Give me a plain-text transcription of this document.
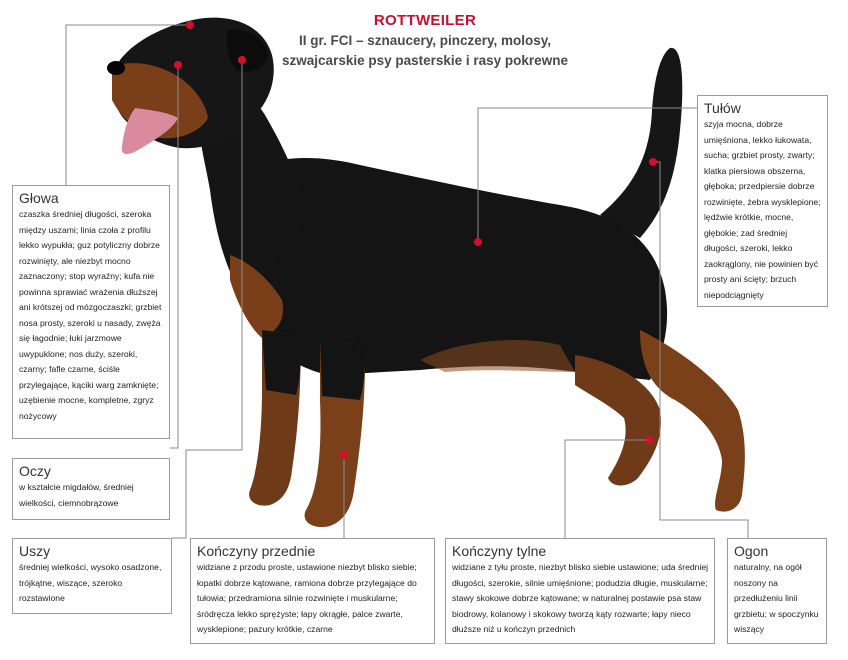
ROTTWEILER
II gr. FCI – sznaucery, pinczery, molosy,
szwajcarskie psy pasterskie i rasy pokrewne
Głowa
czaszka średniej długości, szeroka między uszami; linia czoła z profilu lekko wypukła; guz potyliczny dobrze rozwinięty, ale niezbyt mocno zaznaczony; stop wyraźny; kufa nie powinna sprawiać wrażenia dłuższej ani krótszej od mózgoczaszki; grzbiet nosa prosty, szeroki u nasady, zwęża się łagodnie; łuki jarzmowe uwypuklone; nos duży, szeroki, czarny; fafle czarne, ściśle przylegające, kąciki warg zamknięte; uzębienie mocne, kompletne, zgryz nożycowy
Oczy
w kształcie migdałów, średniej wielkości, ciemnobrązowe
Uszy
średniej wielkości, wysoko osadzone, trójkątne, wiszące, szeroko rozstawione
Kończyny przednie
widziane z przodu proste, ustawione niezbyt blisko siebie; łopatki dobrze kątowane, ramiona dobrze przylegające do tułowia; przedramiona silnie rozwinięte i muskularne; śródręcza lekko sprężyste; łapy okrągłe, palce zwarte, wysklepione; pazury krótkie, czarne
Kończyny tylne
widziane z tyłu proste, niezbyt blisko siebie ustawione; uda średniej długości, szerokie, silnie umięśnione; podudzia długie, muskularne; stawy skokowe dobrze kątowane; w naturalnej postawie psa staw biodrowy, kolanowy i skokowy tworzą kąty rozwarte; łapy nieco dłuższe niż u kończyn przednich
Ogon
naturalny, na ogół noszony na przedłużeniu linii grzbietu; w spoczynku wiszący
Tułów
szyja mocna, dobrze umięśniona, lekko łukowata, sucha; grzbiet prosty, zwarty; klatka piersiowa obszerna, głęboka; przedpiersie dobrze rozwinięte, żebra wysklepione; lędźwie krótkie, mocne, głębokie; zad średniej długości, szeroki, lekko zaokrąglony, nie powinien być prosty ani ścięty; brzuch niepodciągnięty
